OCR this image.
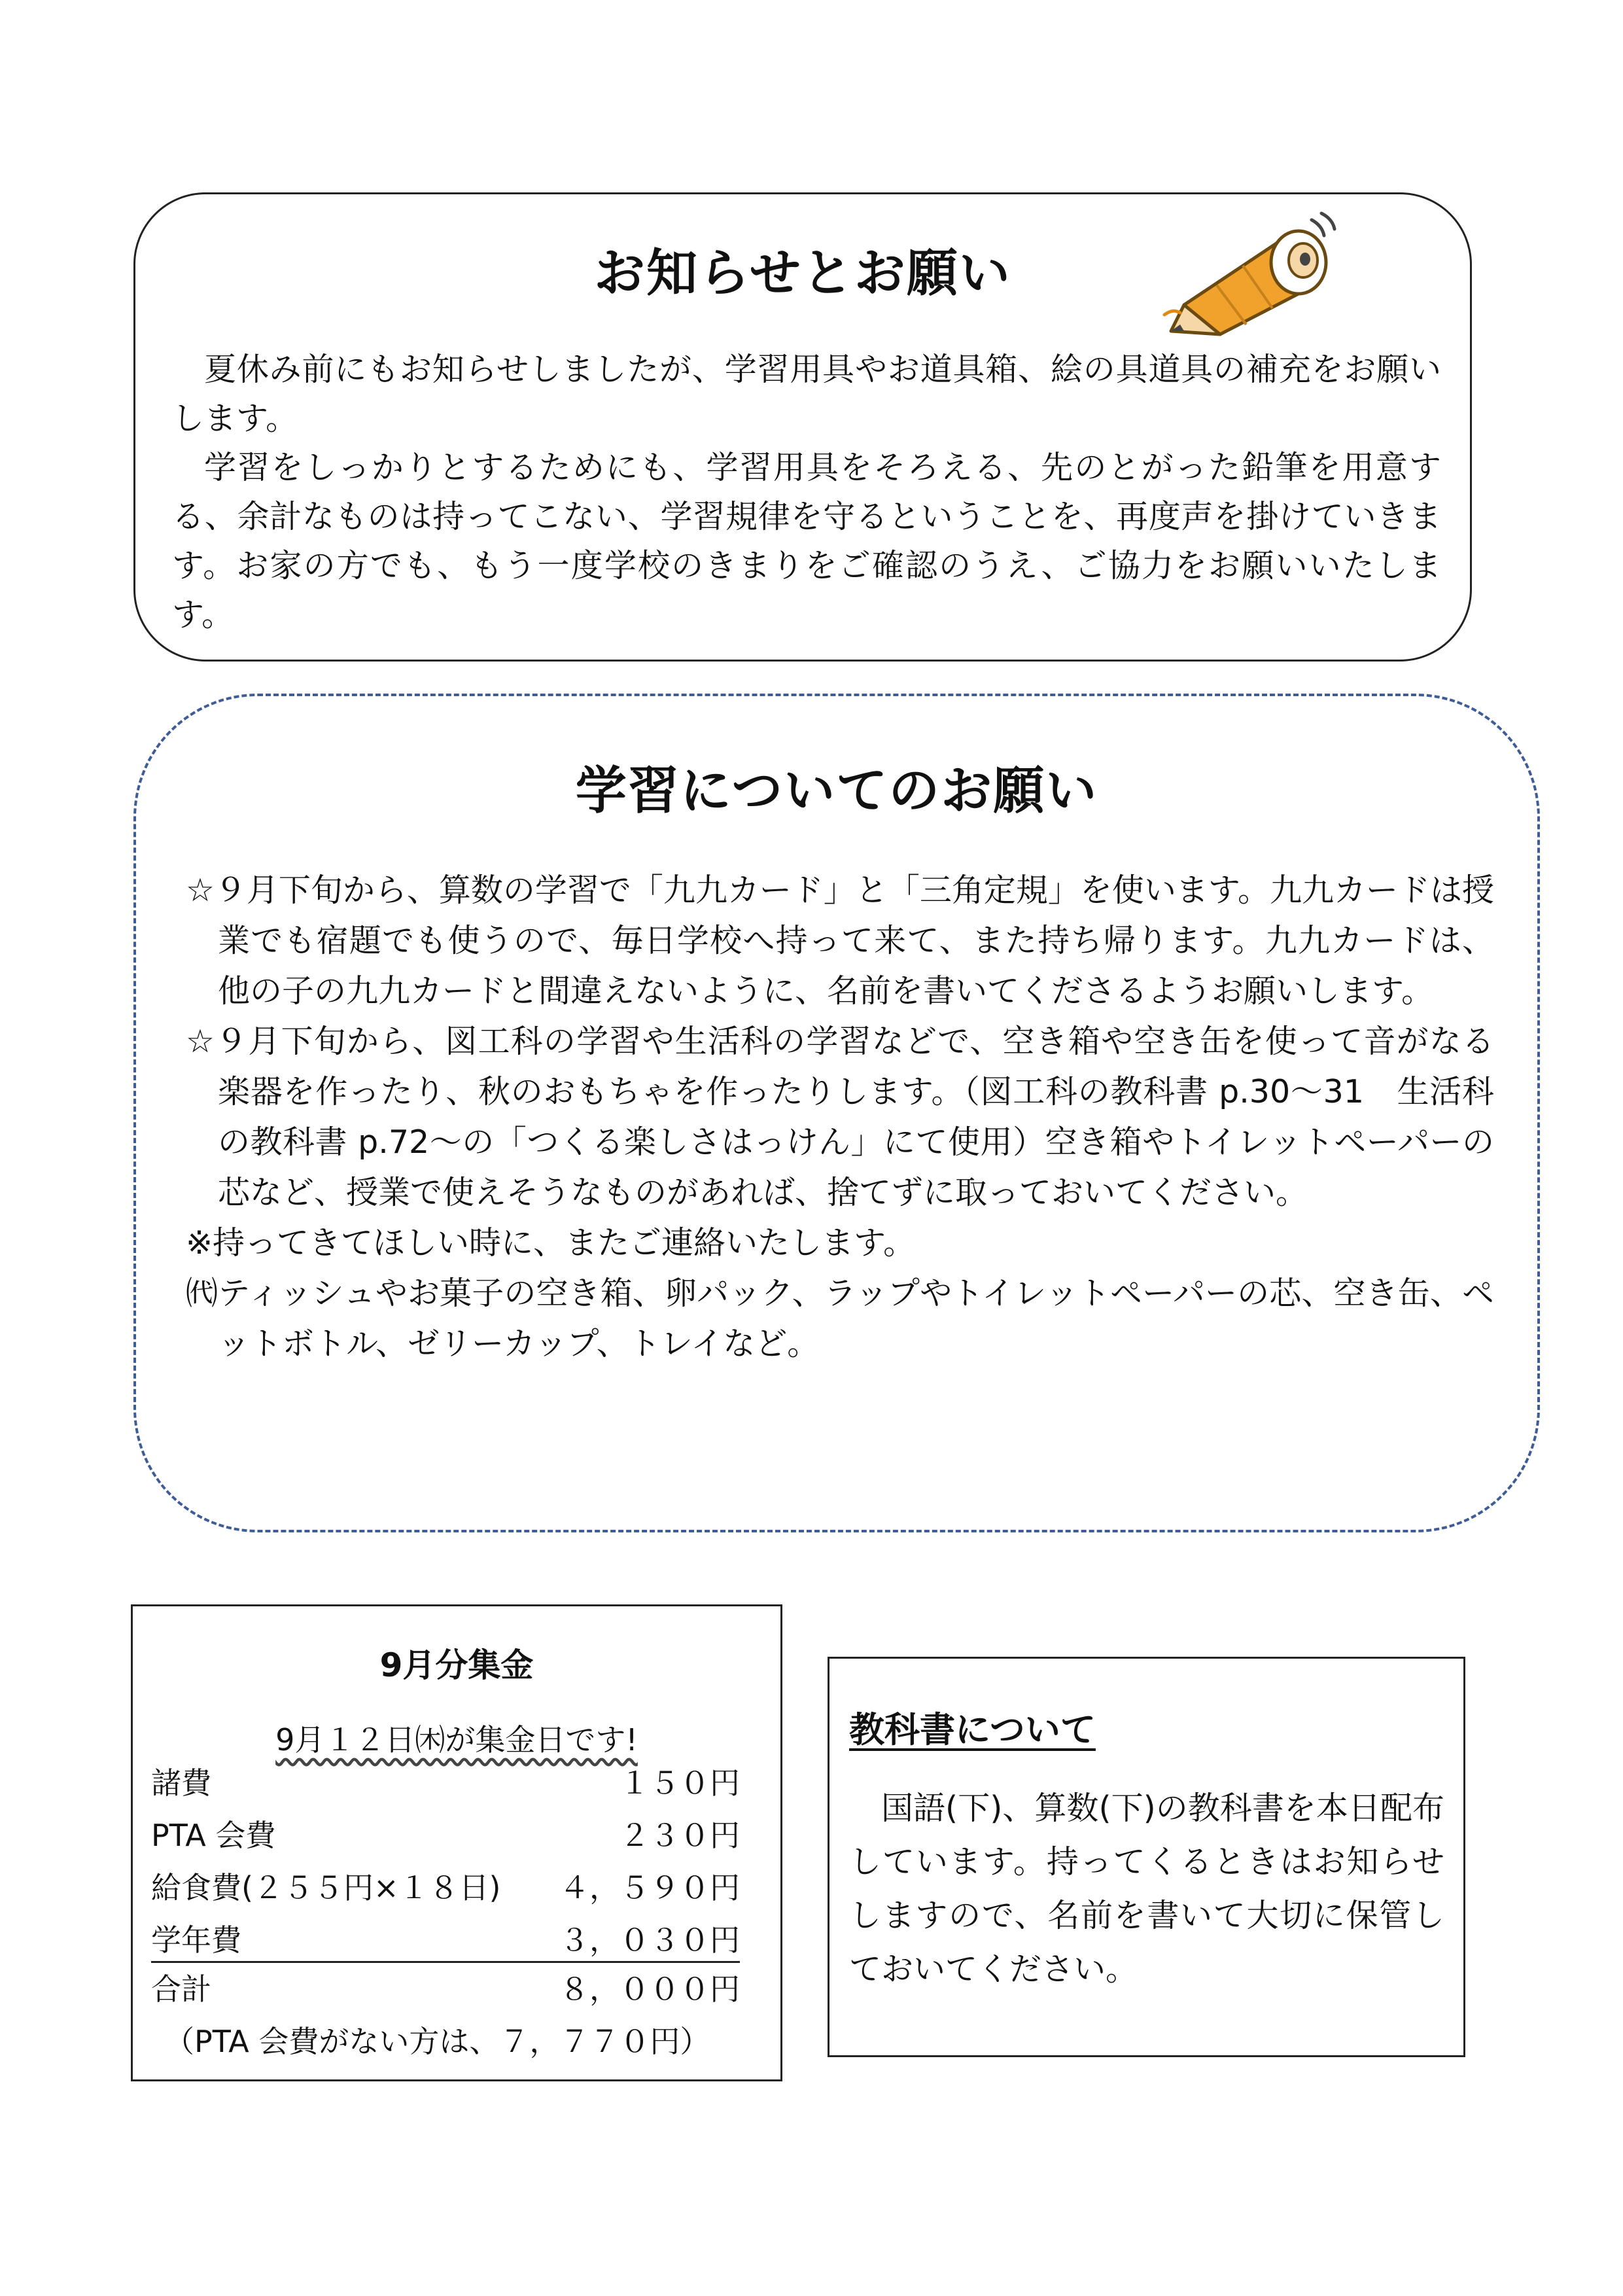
お知らせとお願い

夏休み前にもお知らせしましたが、学習用具やお道具箱、絵の具道具の補充をお願いします。

学習をしっかりとするためにも、学習用具をそろえる、先のとがった鉛筆を用意する、余計なものは持ってこない、学習規律を守るということを、再度声を掛けていきます。お家の方でも、もう一度学校のきまりをご確認のうえ、ご協力をお願いいたします。

学習についてのお願い

☆９月下旬から、算数の学習で「九九カード」と「三角定規」を使います。九九カードは授業でも宿題でも使うので、毎日学校へ持って来て、また持ち帰ります。九九カードは、他の子の九九カードと間違えないように、名前を書いてくださるようお願いします。

☆９月下旬から、図工科の学習や生活科の学習などで、空き箱や空き缶を使って音がなる楽器を作ったり、秋のおもちゃを作ったりします。（図工科の教科書 p.30～31　生活科の教科書 p.72～の「つくる楽しさはっけん」にて使用）空き箱やトイレットペーパーの芯など、授業で使えそうなものがあれば、捨てずに取っておいてください。

※持ってきてほしい時に、またご連絡いたします。

㈹ティッシュやお菓子の空き箱、卵パック、ラップやトイレットペーパーの芯、空き缶、ペットボトル、ゼリーカップ、トレイなど。

9月分集金
9月１２日㈭が集金日です!
諸費	１５０円
PTA 会費	２３０円
給食費(２５５円×１８日) ４，５９０円
学年費	３，０３０円
合計	８，０００円
（PTA 会費がない方は、７，７７０円）
教科書について
国語(下)、算数(下)の教科書を本日配布しています。持ってくるときはお知らせしますので、名前を書いて大切に保管しておいてください。
